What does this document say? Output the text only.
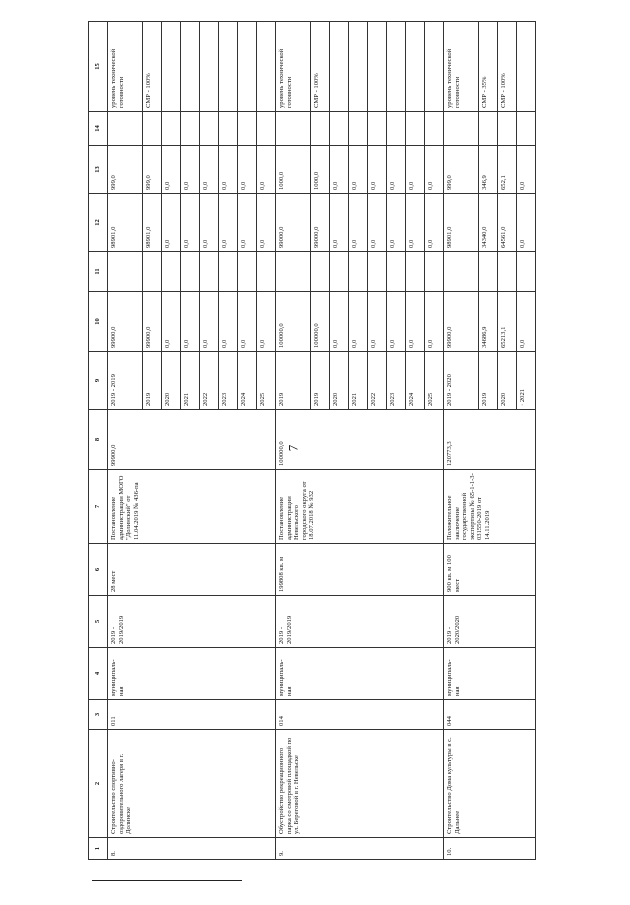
7
1	2	3	4	5	6	7	8	9	10	11	12	13	14	15
8.	Строительство спортивно-оздоровительного лагеря в г. Долинске	011	муниципаль-ная	2019 - 2019/2019	28 мест	Постановление администрации МОГО "Долинский" от 11.04.2019 № 436-па	99900,0	2019 - 2019	99900,0		98901,0	999,0		уровень технической готовности
								2019	99900,0		98901,0	999,0		СМР - 100%
								2020	0,0		0,0	0,0		
								2021	0,0		0,0	0,0		
								2022	0,0		0,0	0,0		
								2023	0,0		0,0	0,0		
								2024	0,0		0,0	0,0		
								2025	0,0		0,0	0,0		
9.	Обустройство рекреационного парка со смотровой площадкой по ул. Береговой в г. Невельске	014	муниципаль-ная	2019 - 2019/2019	199808 кв. м	Постановление администрации Невельского городского округа от 18.07.2018 № 932	100000,0	2019	100000,0		99000,0	1000,0		уровень технической готовности
								2019	100000,0		99000,0	1000,0		СМР - 100%
								2020	0,0		0,0	0,0		
								2021	0,0		0,0	0,0		
								2022	0,0		0,0	0,0		
								2023	0,0		0,0	0,0		
								2024	0,0		0,0	0,0		
								2025	0,0		0,0	0,0		
10.	Строительство Дома культуры в с. Дальнее	044	муниципаль-ная	2019 - 2020/2020	900 кв. м 100 мест	Положительное заключение государственной экспертизы № 65-1-1-3-031550-2019 от 14.11.2019	120773,3	2019 - 2020	99900,0		98901,0	999,0		уровень технической готовности
								2019	34686,9		34340,0	346,9		СМР - 35%
								2020	65213,1		64561,0	652,1		СМР - 100%
								· 2021	0,0		0,0	0,0		
